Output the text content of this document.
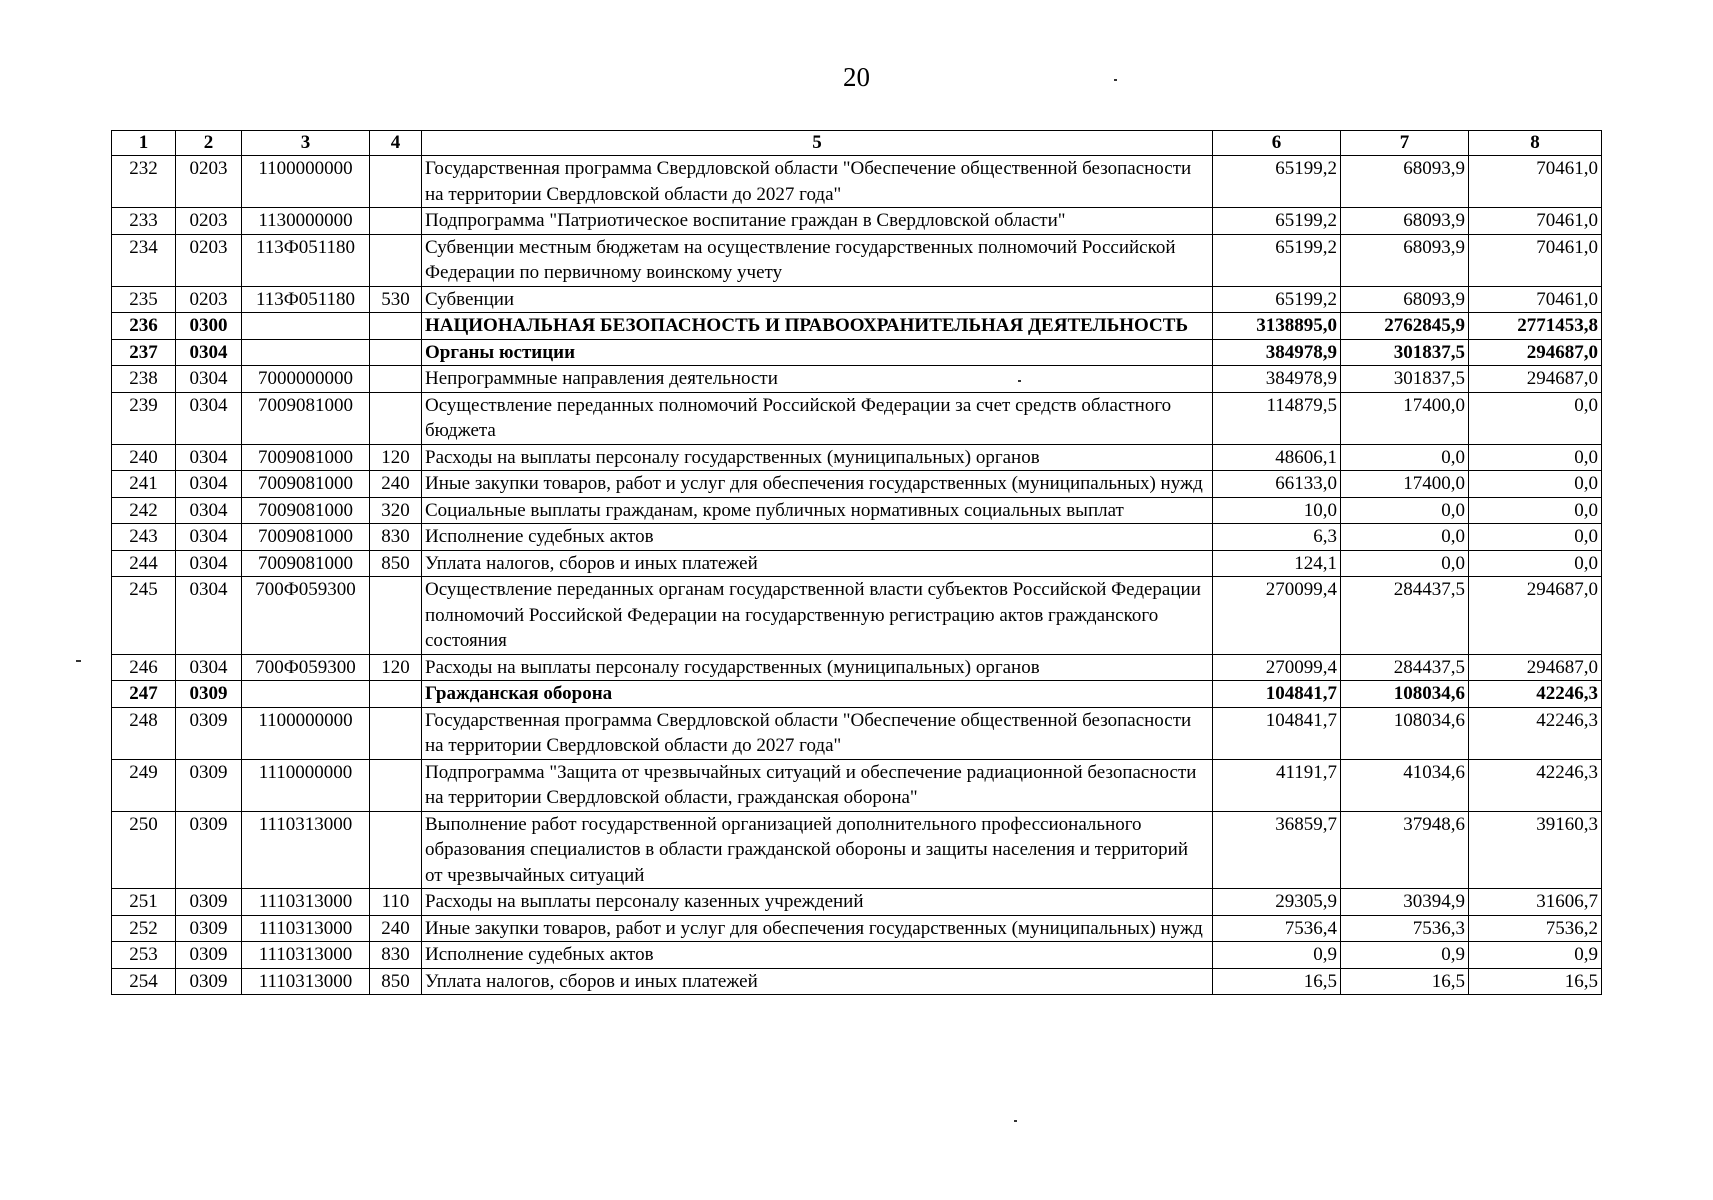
20
1	2	3	4	5	6	7	8
232	0203	1100000000		Государственная программа Свердловской области "Обеспечение общественной безопасности на территории Свердловской области до 2027 года"	65199,2	68093,9	70461,0
233	0203	1130000000		Подпрограмма "Патриотическое воспитание граждан в Свердловской области"	65199,2	68093,9	70461,0
234	0203	113Ф051180		Субвенции местным бюджетам на осуществление государственных полномочий Российской Федерации по первичному воинскому учету	65199,2	68093,9	70461,0
235	0203	113Ф051180	530	Субвенции	65199,2	68093,9	70461,0
236	0300			НАЦИОНАЛЬНАЯ БЕЗОПАСНОСТЬ И ПРАВООХРАНИТЕЛЬНАЯ ДЕЯТЕЛЬНОСТЬ	3138895,0	2762845,9	2771453,8
237	0304			Органы юстиции	384978,9	301837,5	294687,0
238	0304	7000000000		Непрограммные направления деятельности	384978,9	301837,5	294687,0
239	0304	7009081000		Осуществление переданных полномочий Российской Федерации за счет средств областного бюджета	114879,5	17400,0	0,0
240	0304	7009081000	120	Расходы на выплаты персоналу государственных (муниципальных) органов	48606,1	0,0	0,0
241	0304	7009081000	240	Иные закупки товаров, работ и услуг для обеспечения государственных (муниципальных) нужд	66133,0	17400,0	0,0
242	0304	7009081000	320	Социальные выплаты гражданам, кроме публичных нормативных социальных выплат	10,0	0,0	0,0
243	0304	7009081000	830	Исполнение судебных актов	6,3	0,0	0,0
244	0304	7009081000	850	Уплата налогов, сборов и иных платежей	124,1	0,0	0,0
245	0304	700Ф059300		Осуществление переданных органам государственной власти субъектов Российской Федерации полномочий Российской Федерации на государственную регистрацию актов гражданского состояния	270099,4	284437,5	294687,0
246	0304	700Ф059300	120	Расходы на выплаты персоналу государственных (муниципальных) органов	270099,4	284437,5	294687,0
247	0309			Гражданская оборона	104841,7	108034,6	42246,3
248	0309	1100000000		Государственная программа Свердловской области "Обеспечение общественной безопасности на территории Свердловской области до 2027 года"	104841,7	108034,6	42246,3
249	0309	1110000000		Подпрограмма "Защита от чрезвычайных ситуаций и обеспечение радиационной безопасности на территории Свердловской области, гражданская оборона"	41191,7	41034,6	42246,3
250	0309	1110313000		Выполнение работ государственной организацией дополнительного профессионального образования специалистов в области гражданской обороны и защиты населения и территорий от чрезвычайных ситуаций	36859,7	37948,6	39160,3
251	0309	1110313000	110	Расходы на выплаты персоналу казенных учреждений	29305,9	30394,9	31606,7
252	0309	1110313000	240	Иные закупки товаров, работ и услуг для обеспечения государственных (муниципальных) нужд	7536,4	7536,3	7536,2
253	0309	1110313000	830	Исполнение судебных актов	0,9	0,9	0,9
254	0309	1110313000	850	Уплата налогов, сборов и иных платежей	16,5	16,5	16,5
